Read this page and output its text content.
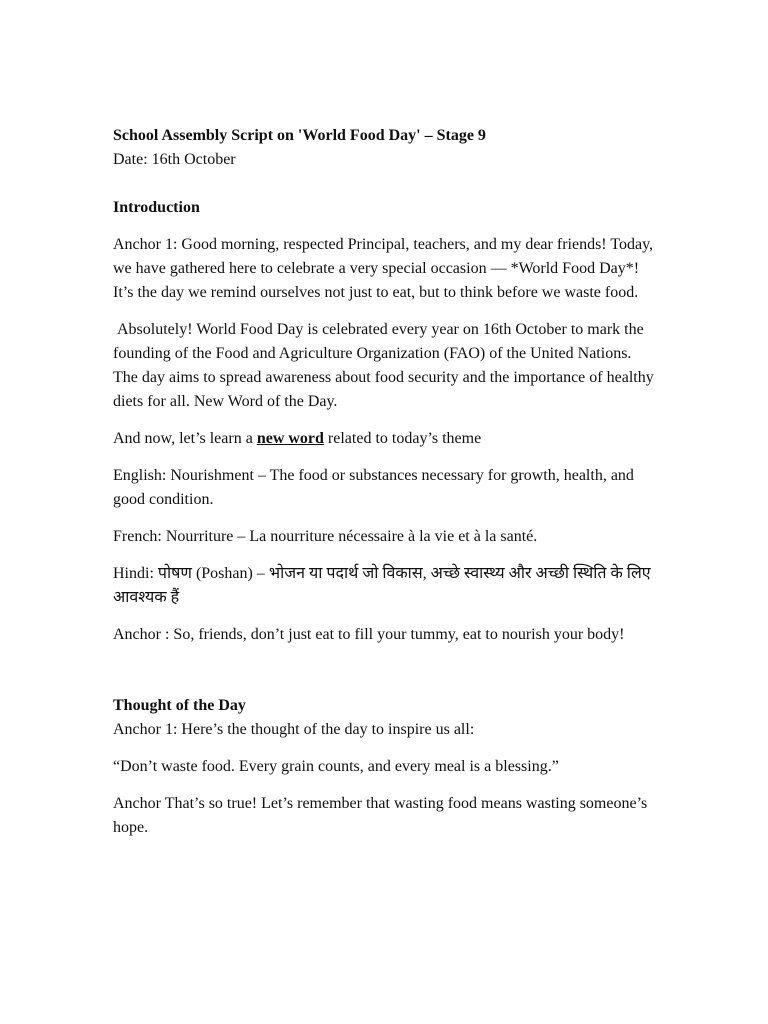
School Assembly Script on 'World Food Day' – Stage 9

Date: 16th October

Introduction

Anchor 1: Good morning, respected Principal, teachers, and my dear friends! Today, we have gathered here to celebrate a very special occasion — *World Food Day*! It’s the day we remind ourselves not just to eat, but to think before we waste food.

Absolutely! World Food Day is celebrated every year on 16th October to mark the founding of the Food and Agriculture Organization (FAO) of the United Nations. The day aims to spread awareness about food security and the importance of healthy diets for all. New Word of the Day.

And now, let’s learn a new word related to today’s theme

English: Nourishment – The food or substances necessary for growth, health, and good condition.

French: Nourriture – La nourriture nécessaire à la vie et à la santé.

Hindi: पोषण (Poshan) – भोजन या पदार्थ जो विकास, अच्छे स्वास्थ्य और अच्छी स्थिति के लिए आवश्यक हैं

Anchor : So, friends, don’t just eat to fill your tummy, eat to nourish your body!

Thought of the Day

Anchor 1: Here’s the thought of the day to inspire us all:

“Don’t waste food. Every grain counts, and every meal is a blessing.”

Anchor That’s so true! Let’s remember that wasting food means wasting someone’s hope.
